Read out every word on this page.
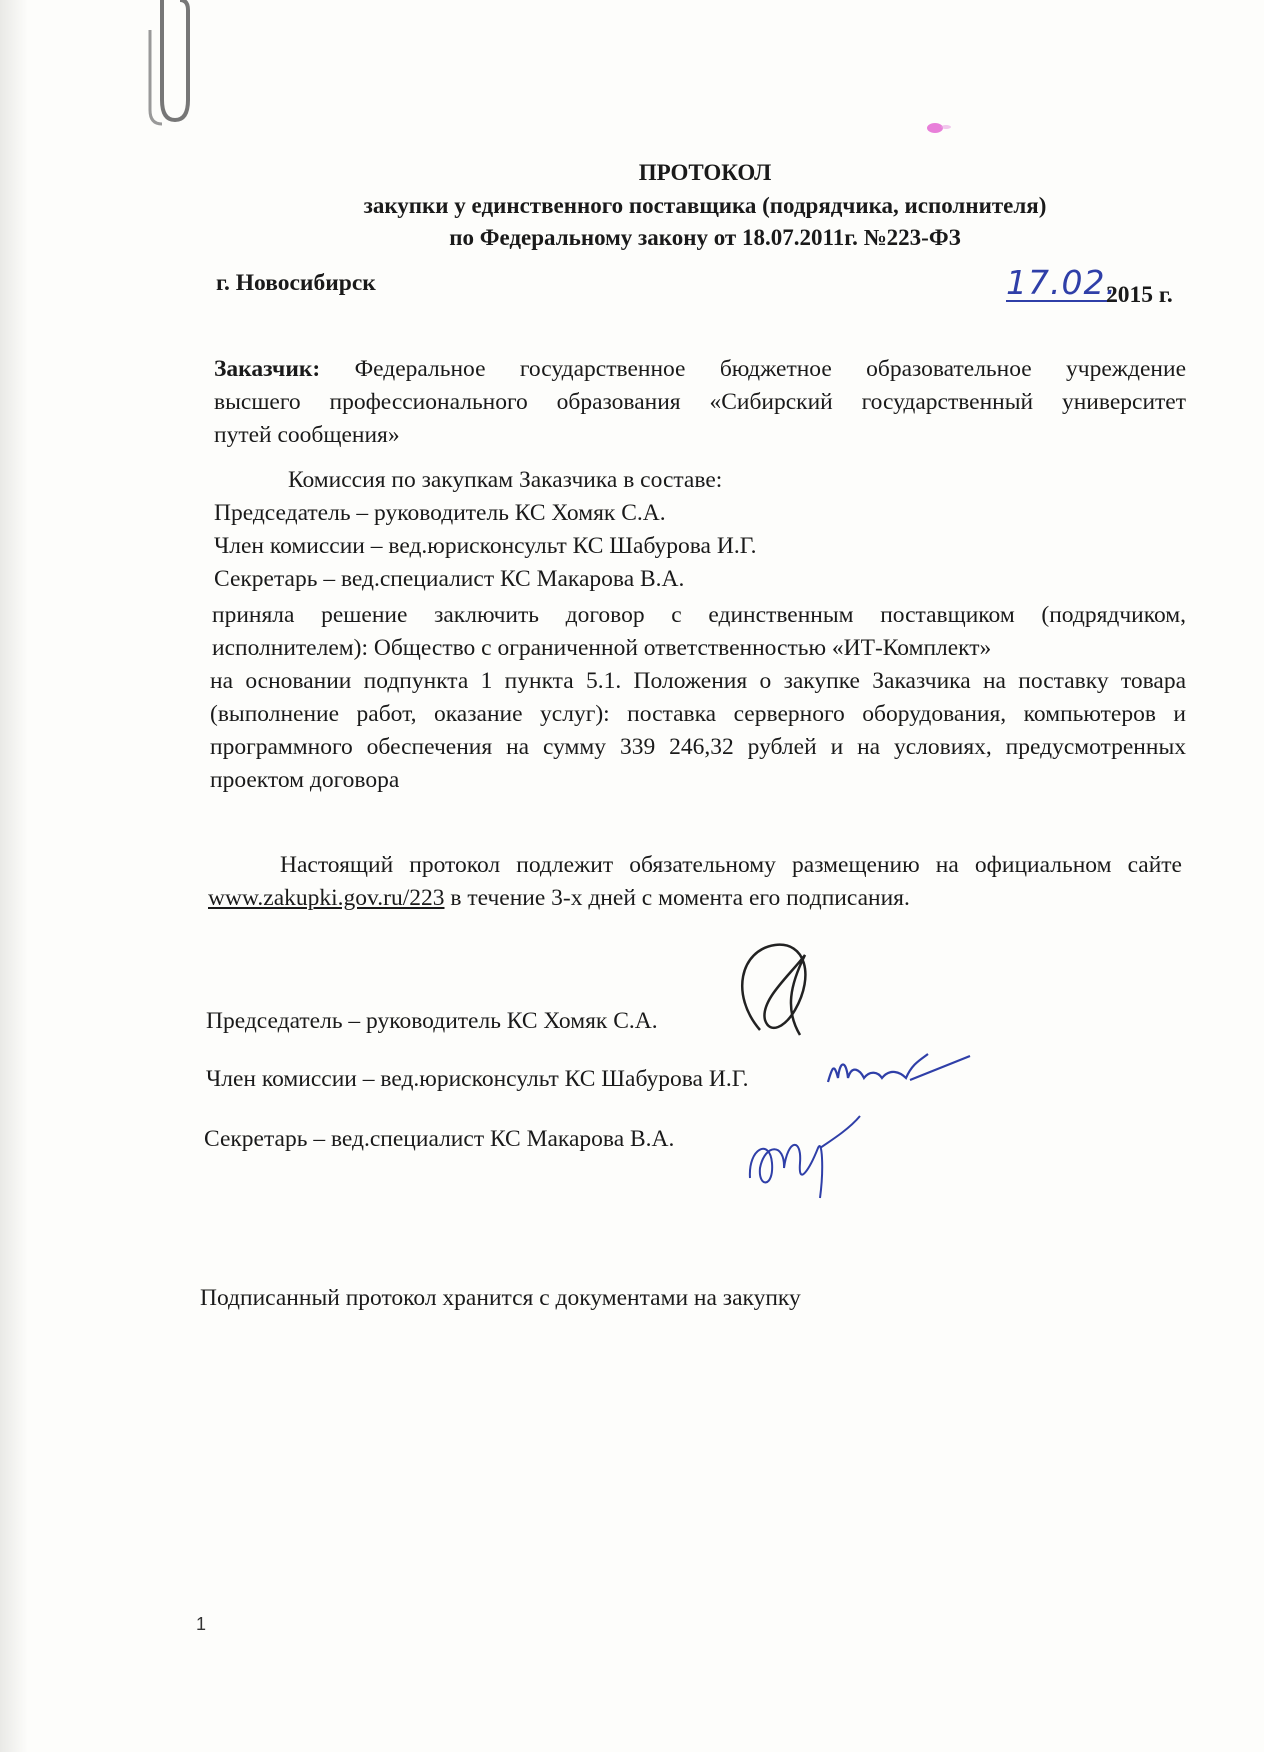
ПРОТОКОЛ
закупки у единственного поставщика (подрядчика, исполнителя)
по Федеральному закону от 18.07.2011г. №223-ФЗ
г. Новосибирск	17.02.
2015 г.
Заказчик: Федеральное государственное бюджетное образовательное учреждение
высшего профессионального образования «Сибирский государственный университет
путей сообщения»
Комиссия по закупкам Заказчика в составе:
Председатель – руководитель КС Хомяк С.А.
Член комиссии – вед.юрисконсульт КС Шабурова И.Г.
Секретарь – вед.специалист КС Макарова В.А.
приняла решение заключить договор с единственным поставщиком (подрядчиком,
исполнителем): Общество с ограниченной ответственностью «ИТ-Комплект»
на основании подпункта 1 пункта 5.1. Положения о закупке Заказчика на поставку товара
(выполнение работ, оказание услуг): поставка серверного оборудования, компьютеров и
программного обеспечения на сумму 339 246,32 рублей и на условиях, предусмотренных
проектом договора
Настоящий протокол подлежит обязательному размещению на официальном сайте
www.zakupki.gov.ru/223 в течение 3-х дней с момента его подписания.
Председатель – руководитель КС Хомяк С.А.
Член комиссии – вед.юрисконсульт КС Шабурова И.Г.
Секретарь – вед.специалист КС Макарова В.А.
Подписанный протокол хранится с документами на закупку
1
